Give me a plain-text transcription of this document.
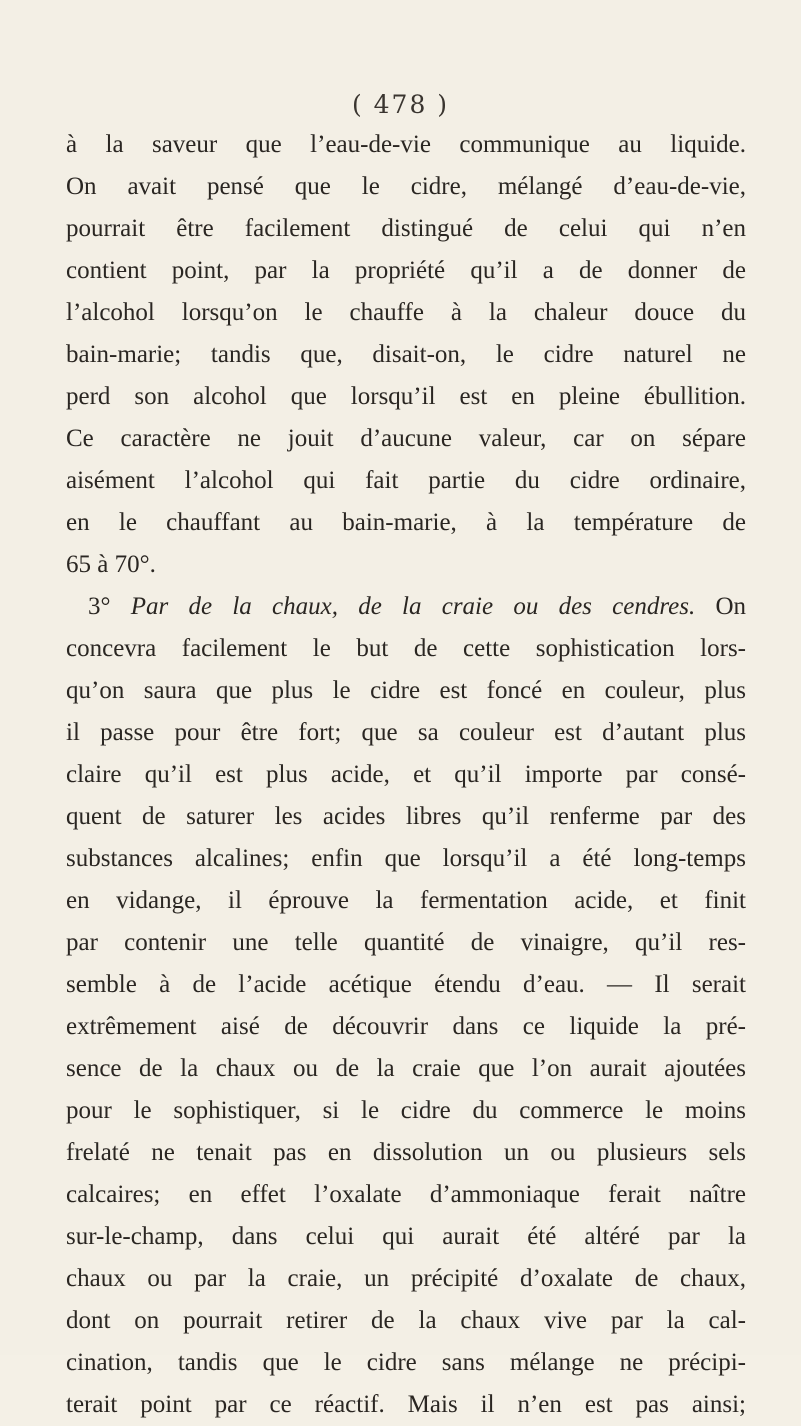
( 478 )
à la saveur que l’eau-de-vie communique au liquide.
On avait pensé que le cidre, mélangé d’eau-de-vie,
pourrait être facilement distingué de celui qui n’en
contient point, par la propriété qu’il a de donner de
l’alcohol lorsqu’on le chauffe à la chaleur douce du
bain-marie; tandis que, disait-on, le cidre naturel ne
perd son alcohol que lorsqu’il est en pleine ébullition.
Ce caractère ne jouit d’aucune valeur, car on sépare
aisément l’alcohol qui fait partie du cidre ordinaire,
en le chauffant au bain-marie, à la température de
65 à 70°.
3° Par de la chaux, de la craie ou des cendres. On
concevra facilement le but de cette sophistication lors-
qu’on saura que plus le cidre est foncé en couleur, plus
il passe pour être fort; que sa couleur est d’autant plus
claire qu’il est plus acide, et qu’il importe par consé-
quent de saturer les acides libres qu’il renferme par des
substances alcalines; enfin que lorsqu’il a été long-temps
en vidange, il éprouve la fermentation acide, et finit
par contenir une telle quantité de vinaigre, qu’il res-
semble à de l’acide acétique étendu d’eau. — Il serait
extrêmement aisé de découvrir dans ce liquide la pré-
sence de la chaux ou de la craie que l’on aurait ajoutées
pour le sophistiquer, si le cidre du commerce le moins
frelaté ne tenait pas en dissolution un ou plusieurs sels
calcaires; en effet l’oxalate d’ammoniaque ferait naître
sur-le-champ, dans celui qui aurait été altéré par la
chaux ou par la craie, un précipité d’oxalate de chaux,
dont on pourrait retirer de la chaux vive par la cal-
cination, tandis que le cidre sans mélange ne précipi-
terait point par ce réactif. Mais il n’en est pas ainsi;
